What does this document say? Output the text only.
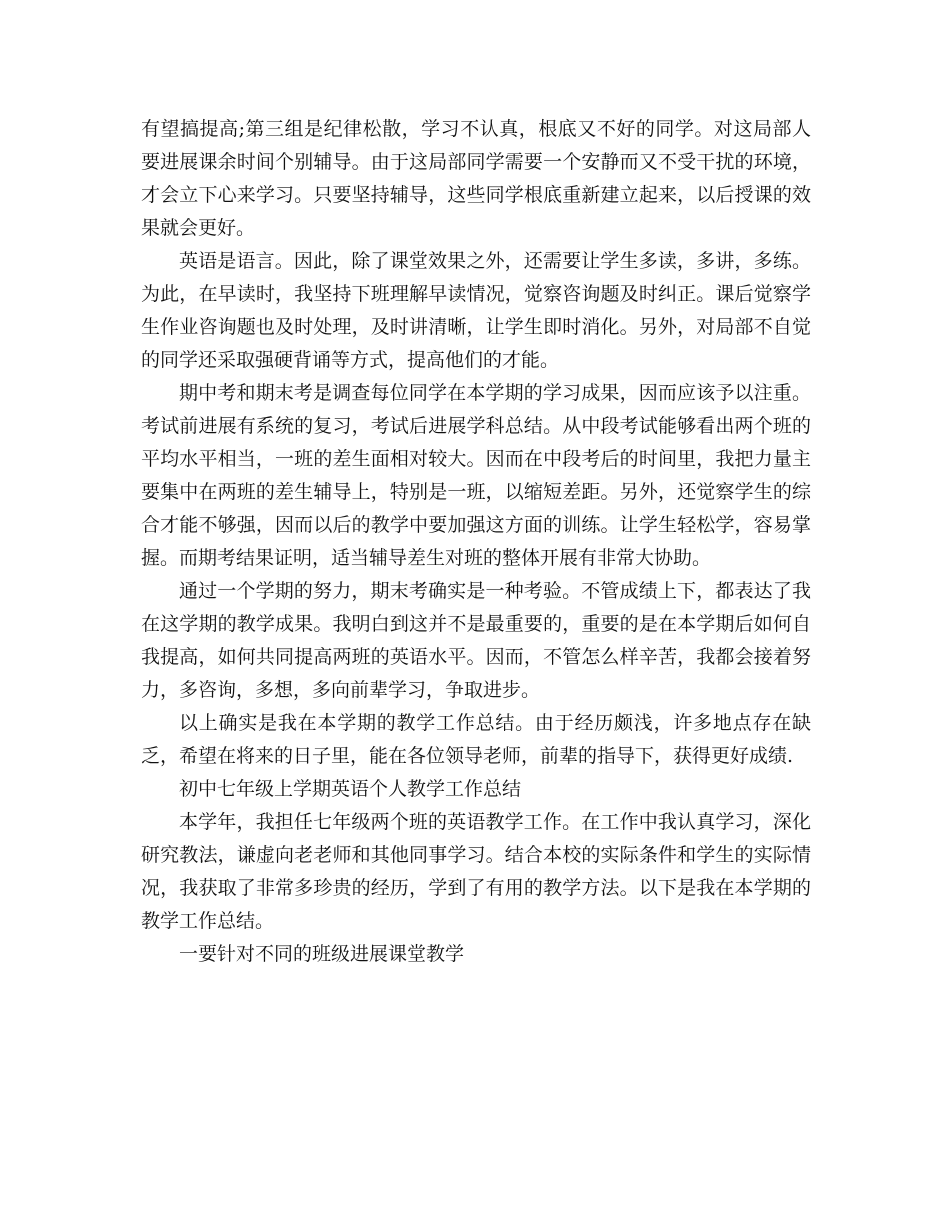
有望搞提高;第三组是纪律松散，学习不认真，根底又不好的同学。对这局部人要进展课余时间个别辅导。由于这局部同学需要一个安静而又不受干扰的环境，才会立下心来学习。只要坚持辅导，这些同学根底重新建立起来，以后授课的效果就会更好。

英语是语言。因此，除了课堂效果之外，还需要让学生多读，多讲，多练。为此，在早读时，我坚持下班理解早读情况，觉察咨询题及时纠正。课后觉察学生作业咨询题也及时处理，及时讲清晰，让学生即时消化。另外，对局部不自觉的同学还采取强硬背诵等方式，提高他们的才能。

期中考和期末考是调查每位同学在本学期的学习成果，因而应该予以注重。考试前进展有系统的复习，考试后进展学科总结。从中段考试能够看出两个班的平均水平相当，一班的差生面相对较大。因而在中段考后的时间里，我把力量主要集中在两班的差生辅导上，特别是一班，以缩短差距。另外，还觉察学生的综合才能不够强，因而以后的教学中要加强这方面的训练。让学生轻松学，容易掌握。而期考结果证明，适当辅导差生对班的整体开展有非常大协助。

通过一个学期的努力，期末考确实是一种考验。不管成绩上下，都表达了我在这学期的教学成果。我明白到这并不是最重要的，重要的是在本学期后如何自我提高，如何共同提高两班的英语水平。因而，不管怎么样辛苦，我都会接着努力，多咨询，多想，多向前辈学习，争取进步。

以上确实是我在本学期的教学工作总结。由于经历颇浅，许多地点存在缺乏，希望在将来的日子里，能在各位领导老师，前辈的指导下，获得更好成绩.

初中七年级上学期英语个人教学工作总结

本学年，我担任七年级两个班的英语教学工作。在工作中我认真学习，深化研究教法，谦虚向老老师和其他同事学习。结合本校的实际条件和学生的实际情况，我获取了非常多珍贵的经历，学到了有用的教学方法。以下是我在本学期的教学工作总结。

一要针对不同的班级进展课堂教学
